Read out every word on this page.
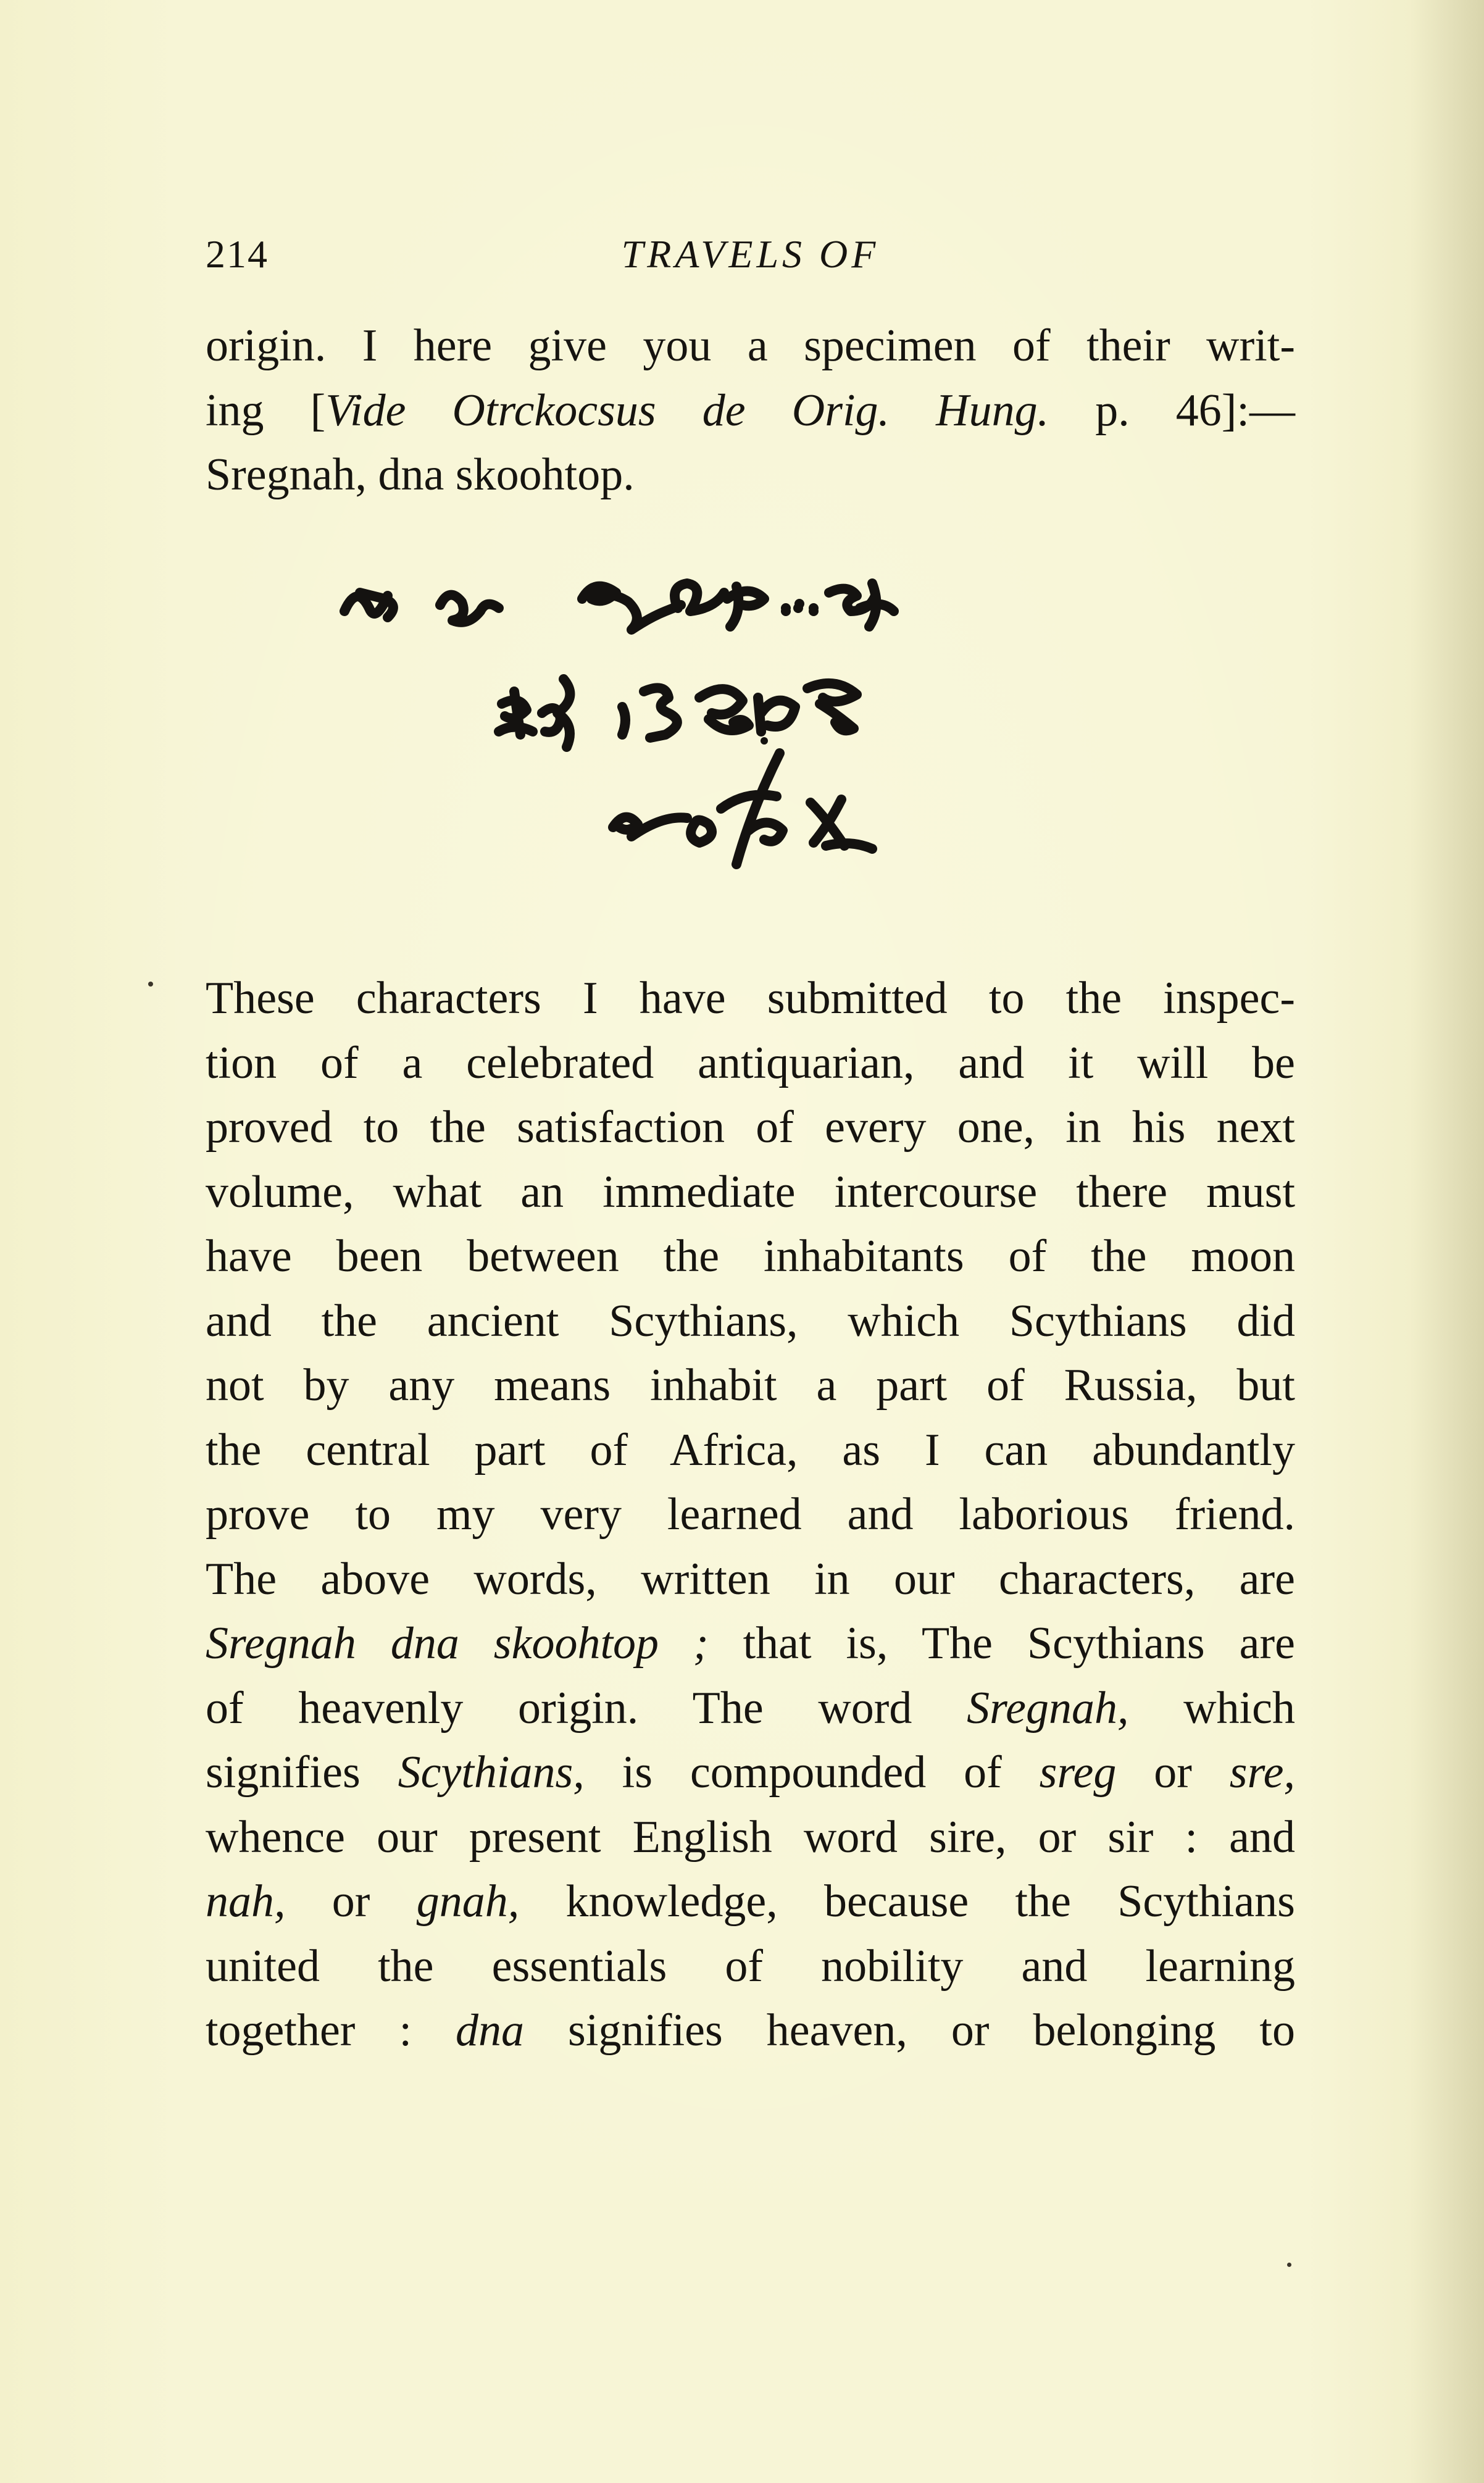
214	TRAVELS OF
origin. I here give you a specimen of their writ-
ing [Vide Otrckocsus de Orig. Hung. p. 46]:—
Sregnah, dna skoohtop.
These characters I have submitted to the inspec-
tion of a celebrated antiquarian, and it will be
proved to the satisfaction of every one, in his next
volume, what an immediate intercourse there must
have been between the inhabitants of the moon
and the ancient Scythians, which Scythians did
not by any means inhabit a part of Russia, but
the central part of Africa, as I can abundantly
prove to my very learned and laborious friend.
The above words, written in our characters, are
Sregnah dna skoohtop ; that is, The Scythians are
of heavenly origin. The word Sregnah, which
signifies Scythians, is compounded of sreg or sre,
whence our present English word sire, or sir : and
nah, or gnah, knowledge, because the Scythians
united the essentials of nobility and learning
together : dna signifies heaven, or belonging to
